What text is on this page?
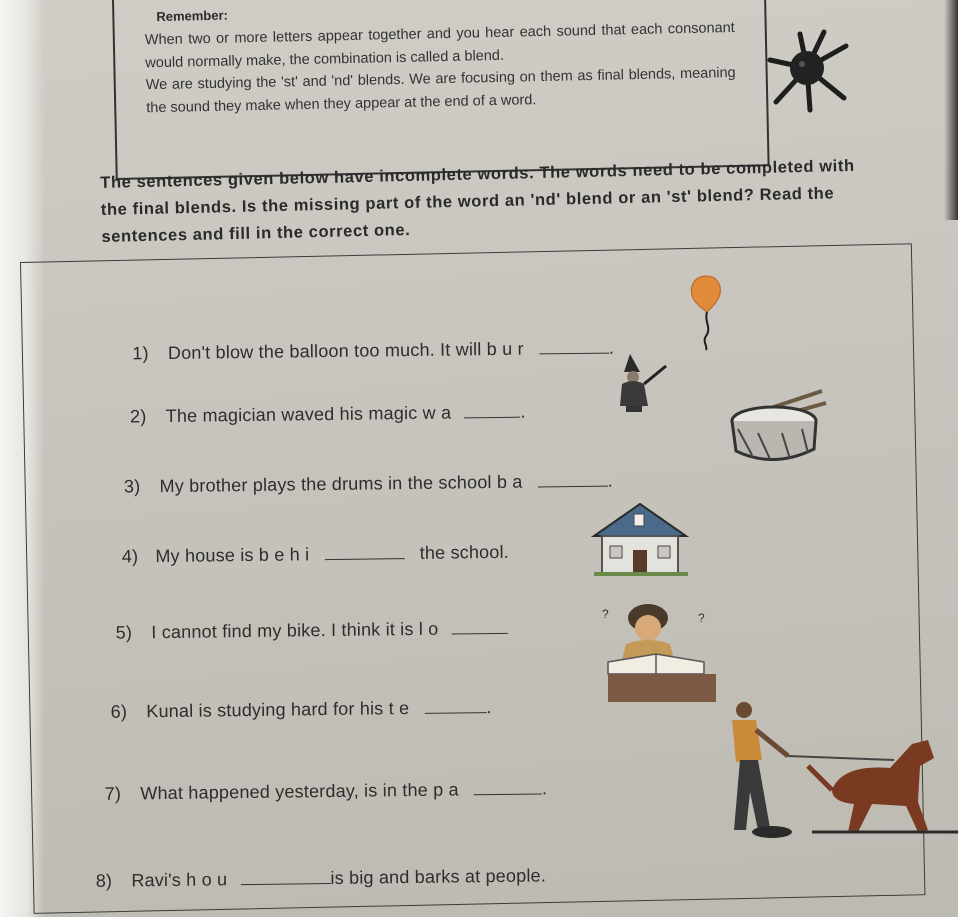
Remember:

When two or more letters appear together and you hear each sound that each consonant would normally make, the combination is called a blend.

We are studying the 'st' and 'nd' blends. We are focusing on them as final blends, meaning the sound they make when they appear at the end of a word.

The sentences given below have incomplete words. The words need to be completed with the final blends. Is the missing part of the word an 'nd' blend or an 'st' blend? Read the sentences and fill in the correct one.
1) Don't blow the balloon too much. It will b u r	.
2) The magician waved his magic w a	.
3) My brother plays the drums in the school b a	.
4) My house is b e h i	the school.
5) I cannot find my bike. I think it is l o
6) Kunal is studying hard for his t e	.
7) What happened yesterday, is in the p a	.
8) Ravi's h o u	is big and barks at people.
?	?
